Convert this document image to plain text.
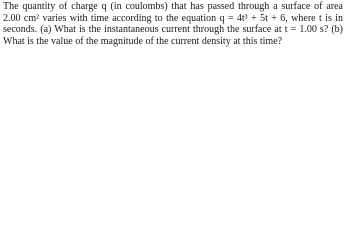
The quantity of charge q (in coulombs) that has passed through a surface of area 2.00 cm² varies with time according to the equation q = 4t³ + 5t + 6, where t is in seconds. (a) What is the instantaneous current through the surface at t = 1.00 s? (b) What is the value of the magnitude of the current density at this time?
